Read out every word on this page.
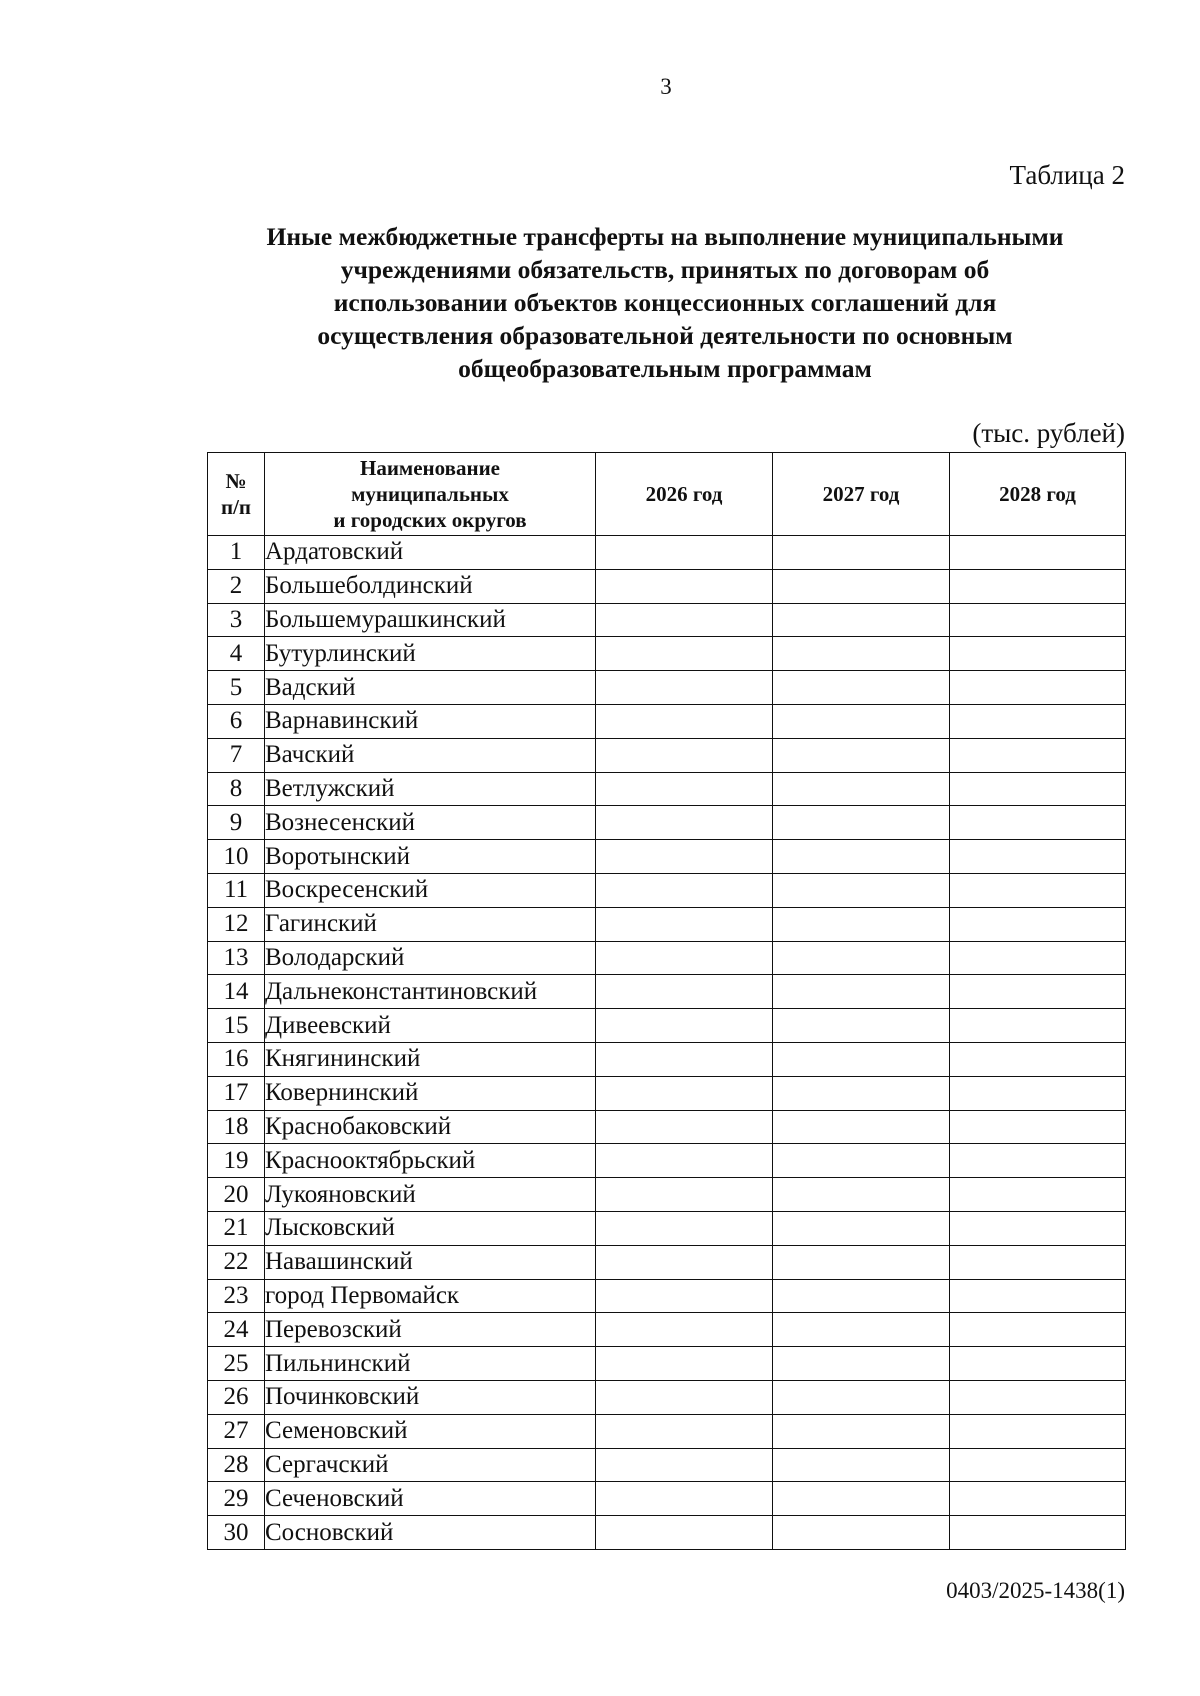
3
Таблица 2
Иные межбюджетные трансферты на выполнение муниципальными
учреждениями обязательств, принятых по договорам об
использовании объектов концессионных соглашений для
осуществления образовательной деятельности по основным
общеобразовательным программам
(тыс. рублей)
№
п/п	Наименование
муниципальных
и городских округов	2026 год	2027 год	2028 год
1	Ардатовский			
2	Большеболдинский			
3	Большемурашкинский			
4	Бутурлинский			
5	Вадский			
6	Варнавинский			
7	Вачский			
8	Ветлужский			
9	Вознесенский			
10	Воротынский			
11	Воскресенский			
12	Гагинский			
13	Володарский			
14	Дальнеконстантиновский			
15	Дивеевский			
16	Княгининский			
17	Ковернинский			
18	Краснобаковский			
19	Краснооктябрьский			
20	Лукояновский			
21	Лысковский			
22	Навашинский			
23	город Первомайск			
24	Перевозский			
25	Пильнинский			
26	Починковский			
27	Семеновский			
28	Сергачский			
29	Сеченовский			
30	Сосновский			
0403/2025-1438(1)
